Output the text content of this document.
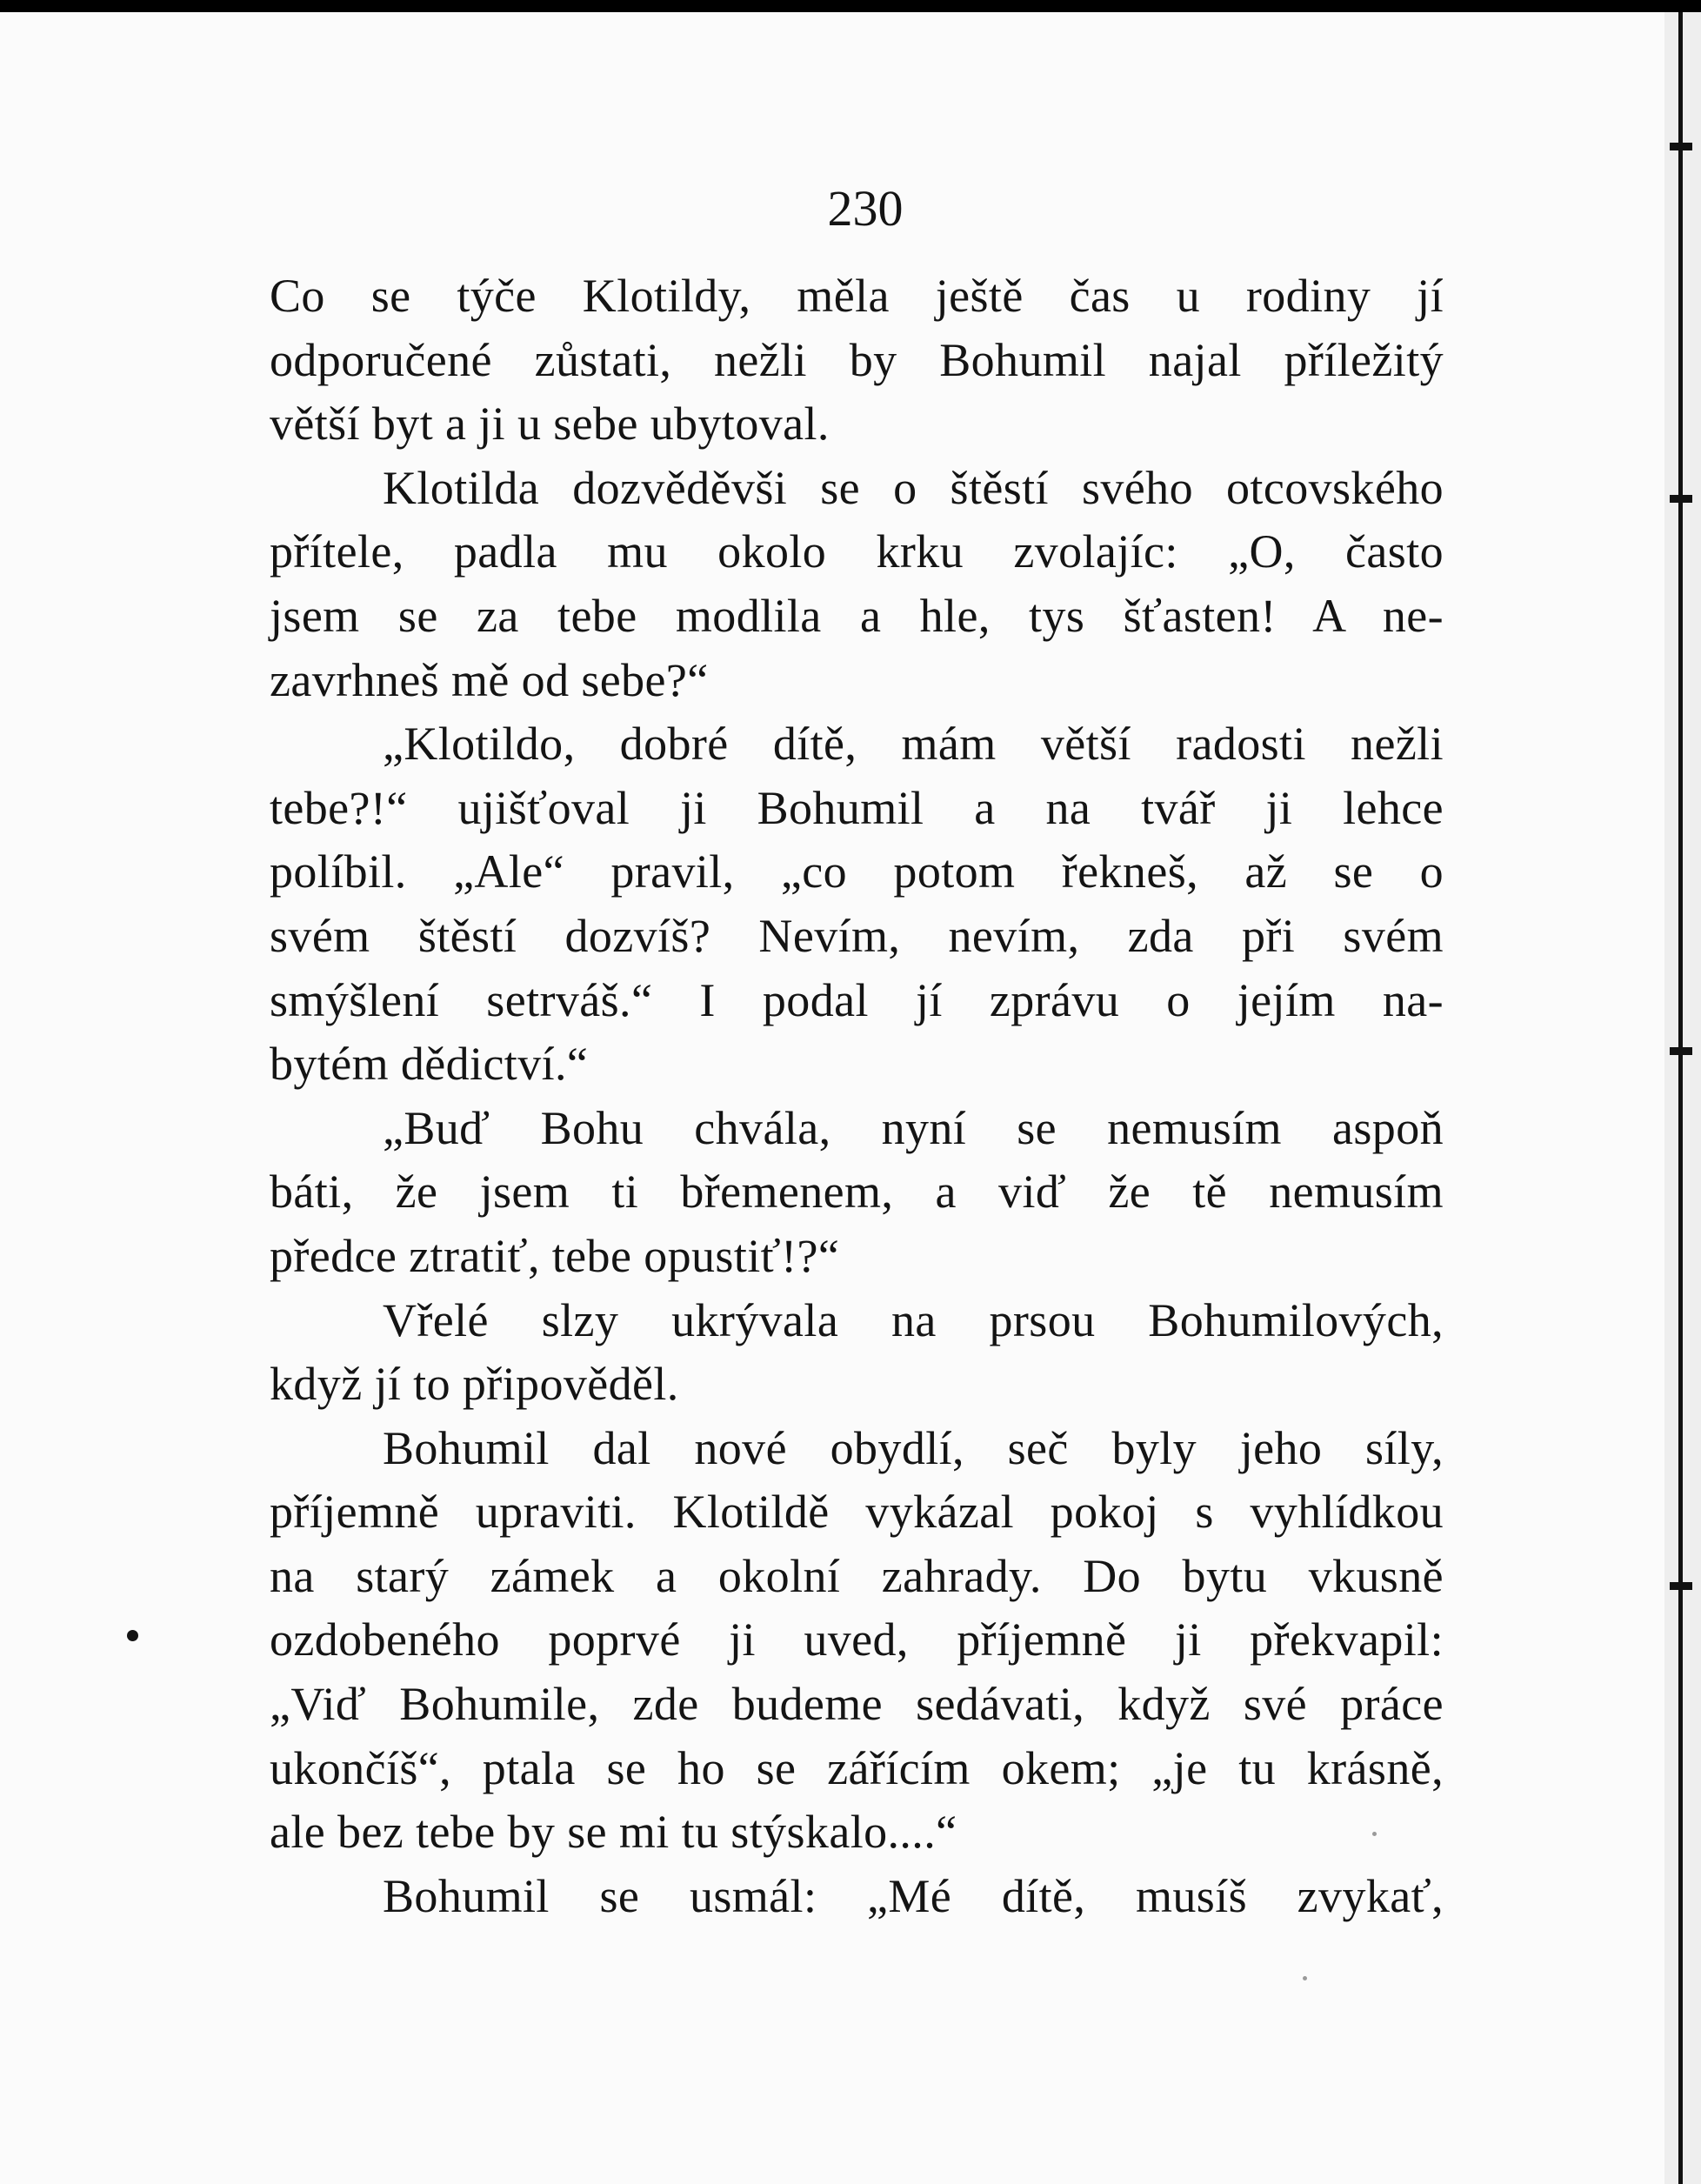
230
Co se týče Klotildy, měla ještě čas u rodiny jí
odporučené zůstati, nežli by Bohumil najal příležitý
větší byt a ji u sebe ubytoval.
Klotilda dozvěděvši se o štěstí svého otcovského
přítele, padla mu okolo krku zvolajíc: „O, často
jsem se za tebe modlila a hle, tys šťasten! A ne-
zavrhneš mě od sebe?“
„Klotildo, dobré dítě, mám větší radosti nežli
tebe?!“ ujišťoval ji Bohumil a na tvář ji lehce
políbil. „Ale“ pravil, „co potom řekneš, až se o
svém štěstí dozvíš? Nevím, nevím, zda při svém
smýšlení setrváš.“ I podal jí zprávu o jejím na-
bytém dědictví.“
„Buď Bohu chvála, nyní se nemusím aspoň
báti, že jsem ti břemenem, a viď že tě nemusím
předce ztratiť, tebe opustiť!?“
Vřelé slzy ukrývala na prsou Bohumilových,
když jí to připověděl.
Bohumil dal nové obydlí, seč byly jeho síly,
příjemně upraviti. Klotildě vykázal pokoj s vyhlídkou
na starý zámek a okolní zahrady. Do bytu vkusně
ozdobeného poprvé ji uved, příjemně ji překvapil:
„Viď Bohumile, zde budeme sedávati, když své práce
ukončíš“, ptala se ho se zářícím okem; „je tu krásně,
ale bez tebe by se mi tu stýskalo....“
Bohumil se usmál: „Mé dítě, musíš zvykať,
